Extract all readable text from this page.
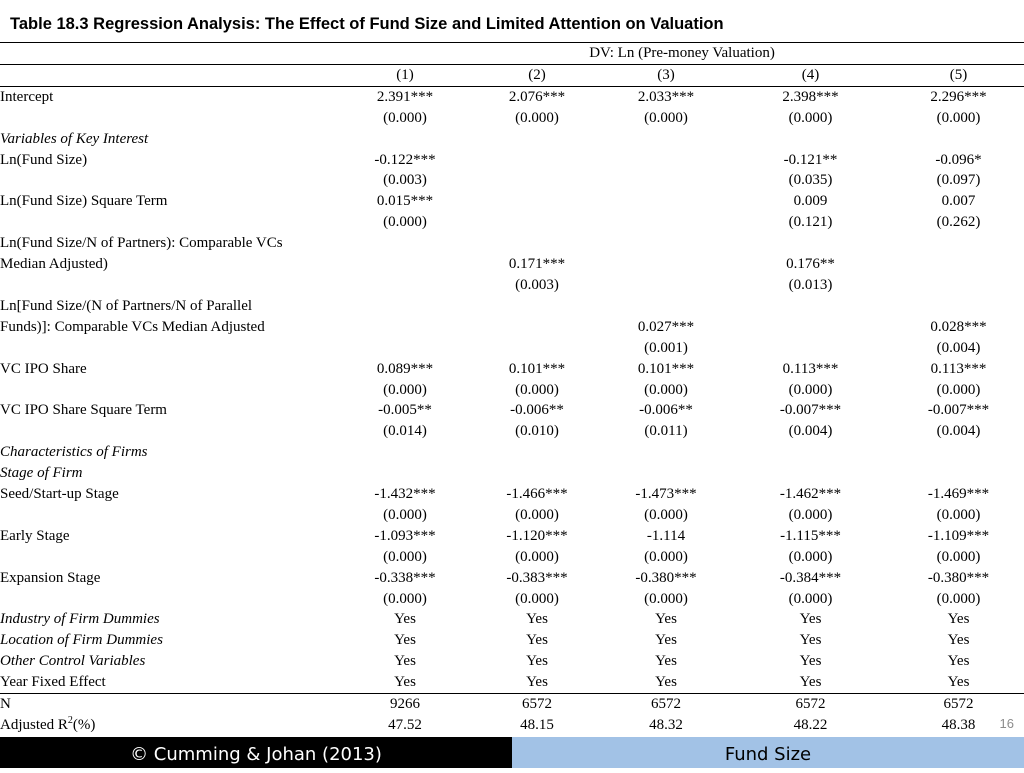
Table 18.3 Regression Analysis: The Effect of Fund Size and Limited Attention on Valuation
	DV: Ln (Pre-money Valuation)				
	(1)	(2)	(3)	(4)	(5)
Intercept	2.391***	2.076***	2.033***	2.398***	2.296***
	(0.000)	(0.000)	(0.000)	(0.000)	(0.000)
Variables of Key Interest					
Ln(Fund Size)	-0.122***			-0.121**	-0.096*
	(0.003)			(0.035)	(0.097)
Ln(Fund Size) Square Term	0.015***			0.009	0.007
	(0.000)			(0.121)	(0.262)
Ln(Fund Size/N of Partners): Comparable VCs					
Median Adjusted)		0.171***		0.176**	
		(0.003)		(0.013)	
Ln[Fund Size/(N of Partners/N of Parallel					
Funds)]: Comparable VCs Median Adjusted			0.027***		0.028***
			(0.001)		(0.004)
VC IPO Share	0.089***	0.101***	0.101***	0.113***	0.113***
	(0.000)	(0.000)	(0.000)	(0.000)	(0.000)
VC IPO Share Square Term	-0.005**	-0.006**	-0.006**	-0.007***	-0.007***
	(0.014)	(0.010)	(0.011)	(0.004)	(0.004)
Characteristics of Firms					
Stage of Firm					
Seed/Start-up Stage	-1.432***	-1.466***	-1.473***	-1.462***	-1.469***
	(0.000)	(0.000)	(0.000)	(0.000)	(0.000)
Early Stage	-1.093***	-1.120***	-1.114	-1.115***	-1.109***
	(0.000)	(0.000)	(0.000)	(0.000)	(0.000)
Expansion Stage	-0.338***	-0.383***	-0.380***	-0.384***	-0.380***
	(0.000)	(0.000)	(0.000)	(0.000)	(0.000)
Industry of Firm Dummies	Yes	Yes	Yes	Yes	Yes
Location of Firm Dummies	Yes	Yes	Yes	Yes	Yes
Other Control Variables	Yes	Yes	Yes	Yes	Yes
Year Fixed Effect	Yes	Yes	Yes	Yes	Yes
N	9266	6572	6572	6572	6572
Adjusted $R^2(\%)$	47.52	48.15	48.32	48.22	48.38 16
© Cumming & Johan (2013)	Fund Size
